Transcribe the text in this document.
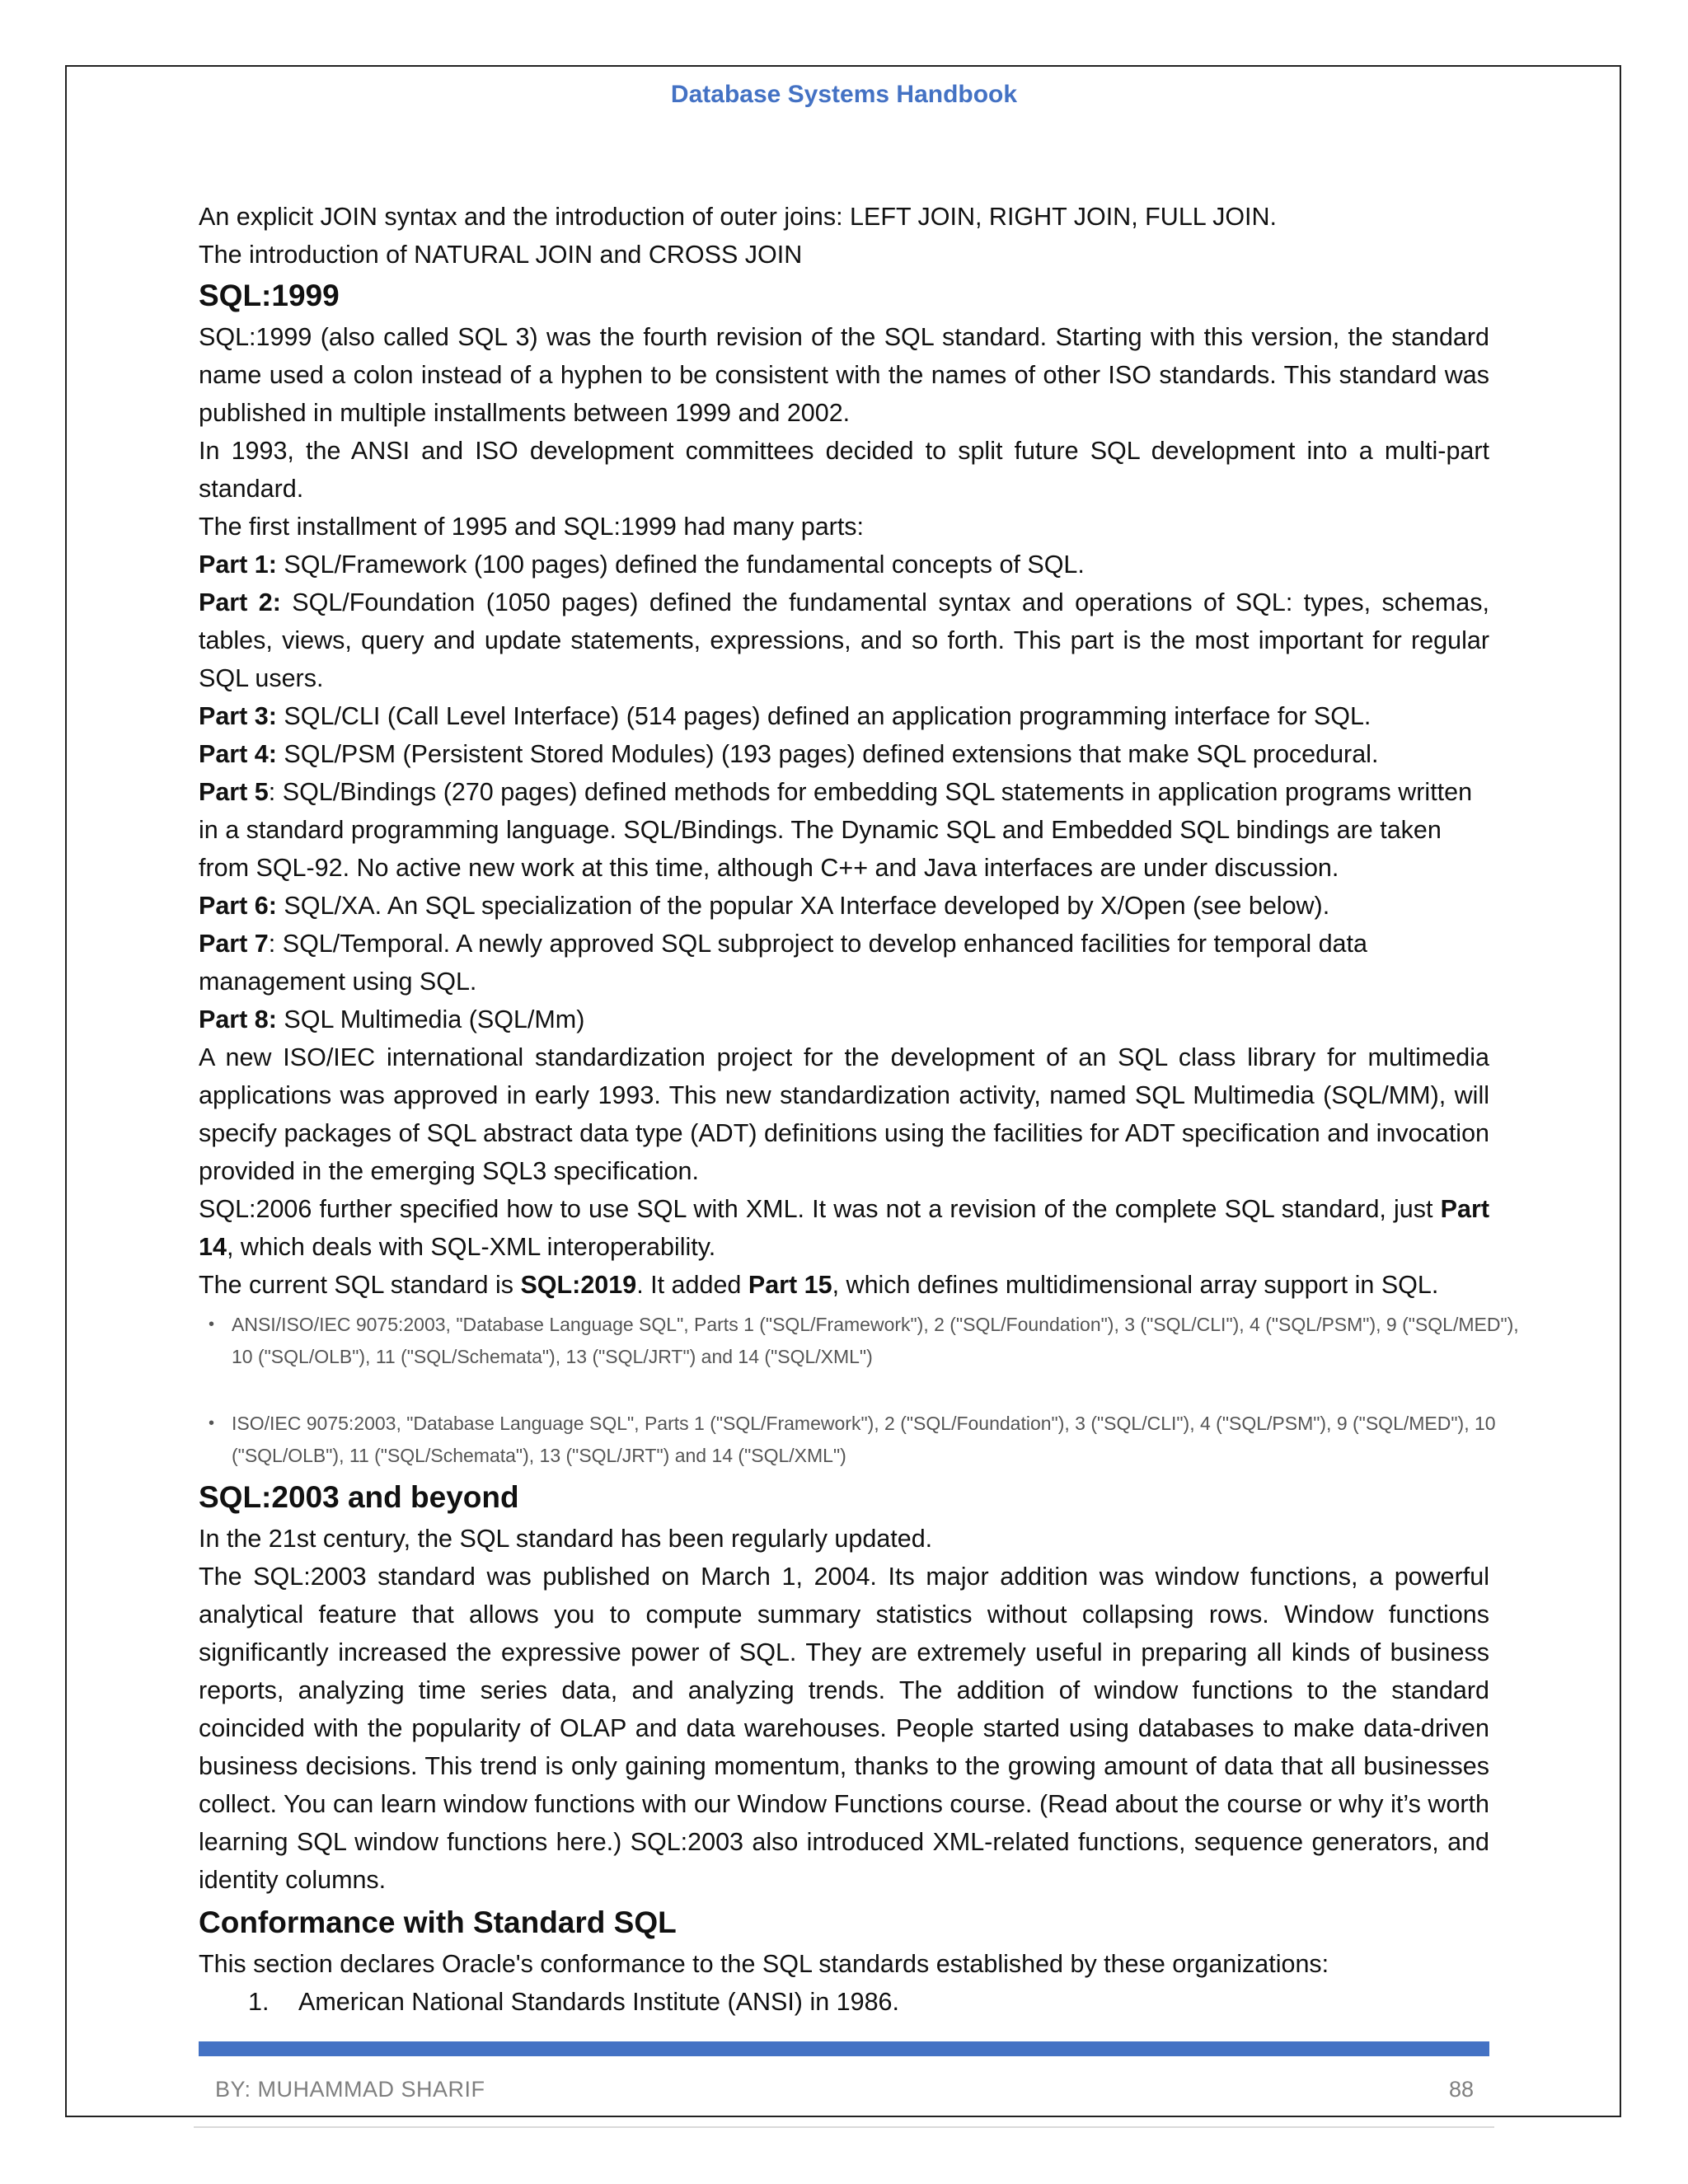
Database Systems Handbook

An explicit JOIN syntax and the introduction of outer joins: LEFT JOIN, RIGHT JOIN, FULL JOIN.

The introduction of NATURAL JOIN and CROSS JOIN

SQL:1999

SQL:1999 (also called SQL 3) was the fourth revision of the SQL standard. Starting with this version, the standard name used a colon instead of a hyphen to be consistent with the names of other ISO standards. This standard was published in multiple installments between 1999 and 2002.

In 1993, the ANSI and ISO development committees decided to split future SQL development into a multi-part standard.

The first installment of 1995 and SQL:1999 had many parts:

Part 1: SQL/Framework (100 pages) defined the fundamental concepts of SQL.

Part 2: SQL/Foundation (1050 pages) defined the fundamental syntax and operations of SQL: types, schemas, tables, views, query and update statements, expressions, and so forth. This part is the most important for regular SQL users.

Part 3: SQL/CLI (Call Level Interface) (514 pages) defined an application programming interface for SQL.

Part 4: SQL/PSM (Persistent Stored Modules) (193 pages) defined extensions that make SQL procedural.

Part 5: SQL/Bindings (270 pages) defined methods for embedding SQL statements in application programs written in a standard programming language. SQL/Bindings. The Dynamic SQL and Embedded SQL bindings are taken from SQL-92. No active new work at this time, although C++ and Java interfaces are under discussion.

Part 6: SQL/XA. An SQL specialization of the popular XA Interface developed by X/Open (see below).

Part 7: SQL/Temporal. A newly approved SQL subproject to develop enhanced facilities for temporal data management using SQL.

Part 8: SQL Multimedia (SQL/Mm)

A new ISO/IEC international standardization project for the development of an SQL class library for multimedia applications was approved in early 1993. This new standardization activity, named SQL Multimedia (SQL/MM), will specify packages of SQL abstract data type (ADT) definitions using the facilities for ADT specification and invocation provided in the emerging SQL3 specification.

SQL:2006 further specified how to use SQL with XML. It was not a revision of the complete SQL standard, just Part 14, which deals with SQL-XML interoperability.

The current SQL standard is SQL:2019. It added Part 15, which defines multidimensional array support in SQL.

• ANSI/ISO/IEC 9075:2003, "Database Language SQL", Parts 1 ("SQL/Framework"), 2 ("SQL/Foundation"), 3 ("SQL/CLI"), 4 ("SQL/PSM"), 9 ("SQL/MED"), 10 ("SQL/OLB"), 11 ("SQL/Schemata"), 13 ("SQL/JRT") and 14 ("SQL/XML")
• ISO/IEC 9075:2003, "Database Language SQL", Parts 1 ("SQL/Framework"), 2 ("SQL/Foundation"), 3 ("SQL/CLI"), 4 ("SQL/PSM"), 9 ("SQL/MED"), 10 ("SQL/OLB"), 11 ("SQL/Schemata"), 13 ("SQL/JRT") and 14 ("SQL/XML")
SQL:2003 and beyond

In the 21st century, the SQL standard has been regularly updated.

The SQL:2003 standard was published on March 1, 2004. Its major addition was window functions, a powerful analytical feature that allows you to compute summary statistics without collapsing rows. Window functions significantly increased the expressive power of SQL. They are extremely useful in preparing all kinds of business reports, analyzing time series data, and analyzing trends. The addition of window functions to the standard coincided with the popularity of OLAP and data warehouses. People started using databases to make data-driven business decisions. This trend is only gaining momentum, thanks to the growing amount of data that all businesses collect. You can learn window functions with our Window Functions course. (Read about the course or why it’s worth learning SQL window functions here.) SQL:2003 also introduced XML-related functions, sequence generators, and identity columns.

Conformance with Standard SQL

This section declares Oracle's conformance to the SQL standards established by these organizations:

1. American National Standards Institute (ANSI) in 1986.
BY: MUHAMMAD SHARIF	88
